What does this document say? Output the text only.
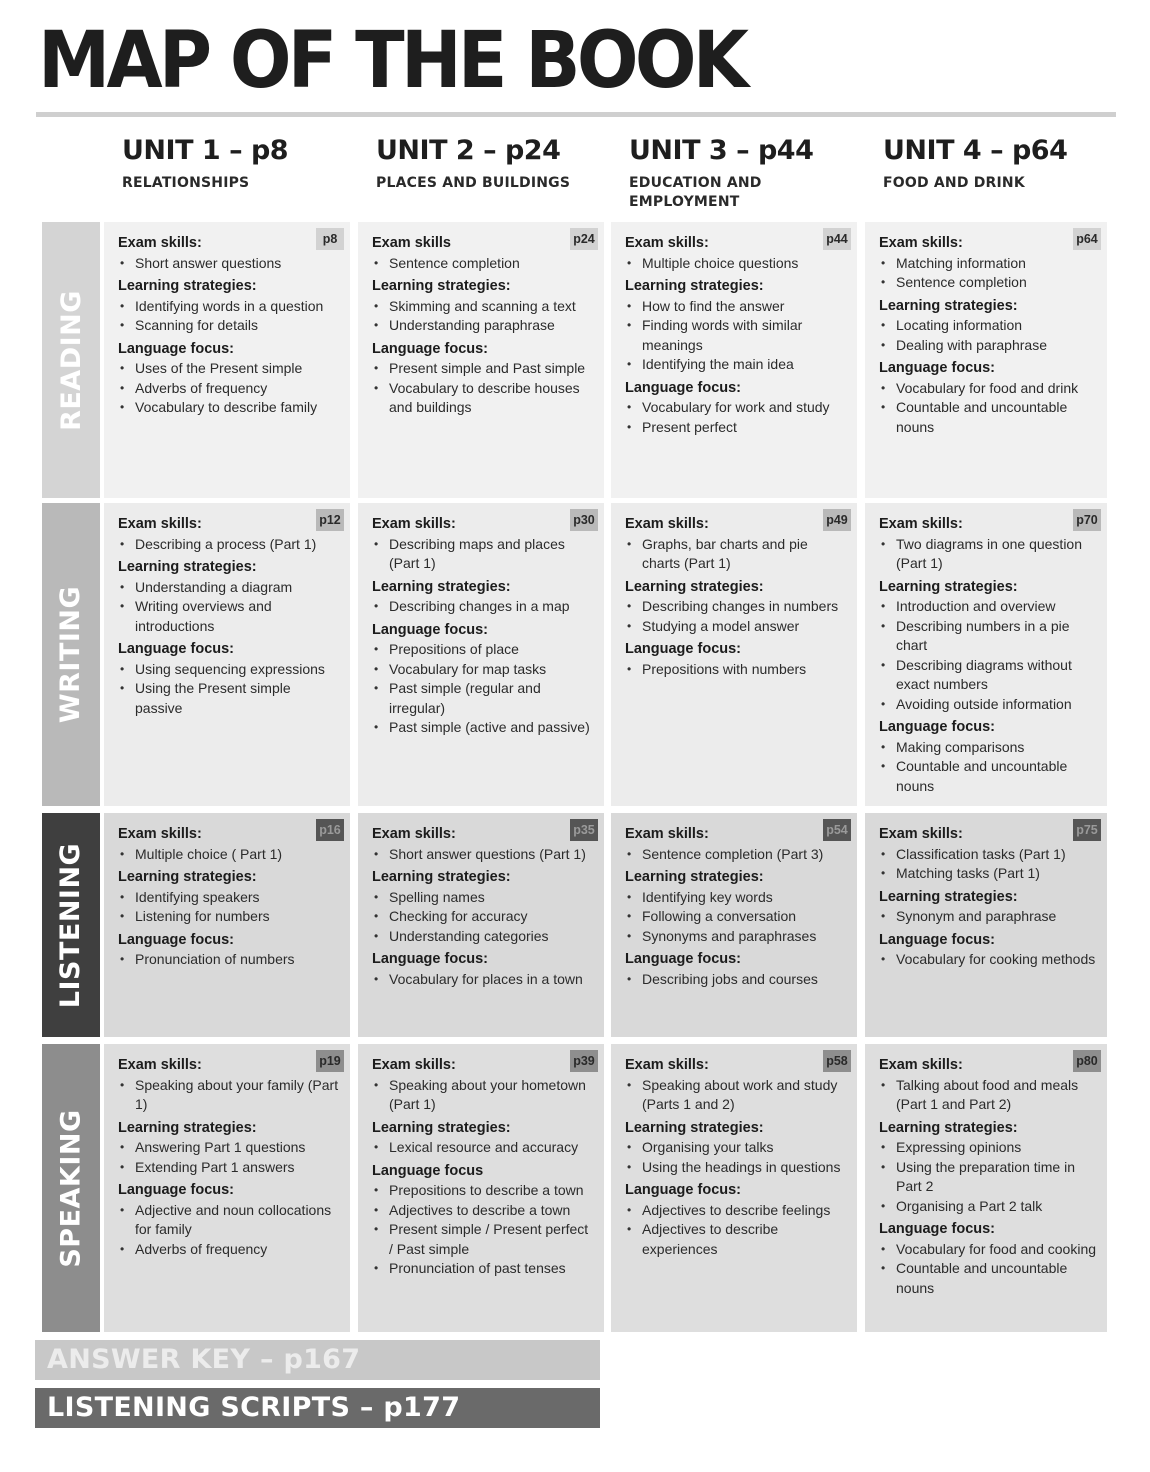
MAP OF THE BOOK
UNIT 1 – p8
RELATIONSHIPS
UNIT 2 – p24
PLACES AND BUILDINGS
UNIT 3 – p44
EDUCATION AND EMPLOYMENT
UNIT 4 – p64
FOOD AND DRINK
READING
p8
Exam skills:
• Short answer questions
Learning strategies:
• Identifying words in a question
• Scanning for details
Language focus:
• Uses of the Present simple
• Adverbs of frequency
• Vocabulary to describe family
p24
Exam skills
• Sentence completion
Learning strategies:
• Skimming and scanning a text
• Understanding paraphrase
Language focus:
• Present simple and Past simple
• Vocabulary to describe houses and buildings
p44
Exam skills:
• Multiple choice questions
Learning strategies:
• How to find the answer
• Finding words with similar meanings
• Identifying the main idea
Language focus:
• Vocabulary for work and study
• Present perfect
p64
Exam skills:
• Matching information
• Sentence completion
Learning strategies:
• Locating information
• Dealing with paraphrase
Language focus:
• Vocabulary for food and drink
• Countable and uncountable nouns
WRITING
p12
Exam skills:
• Describing a process (Part 1)
Learning strategies:
• Understanding a diagram
• Writing overviews and introductions
Language focus:
• Using sequencing expressions
• Using the Present simple passive
p30
Exam skills:
• Describing maps and places (Part 1)
Learning strategies:
• Describing changes in a map
Language focus:
• Prepositions of place
• Vocabulary for map tasks
• Past simple (regular and irregular)
• Past simple (active and passive)
p49
Exam skills:
• Graphs, bar charts and pie charts (Part 1)
Learning strategies:
• Describing changes in numbers
• Studying a model answer
Language focus:
• Prepositions with numbers
p70
Exam skills:
• Two diagrams in one question (Part 1)
Learning strategies:
• Introduction and overview
• Describing numbers in a pie chart
• Describing diagrams without exact numbers
• Avoiding outside information
Language focus:
• Making comparisons
• Countable and uncountable nouns
LISTENING
p16
Exam skills:
• Multiple choice ( Part 1)
Learning strategies:
• Identifying speakers
• Listening for numbers
Language focus:
• Pronunciation of numbers
p35
Exam skills:
• Short answer questions (Part 1)
Learning strategies:
• Spelling names
• Checking for accuracy
• Understanding categories
Language focus:
• Vocabulary for places in a town
p54
Exam skills:
• Sentence completion (Part 3)
Learning strategies:
• Identifying key words
• Following a conversation
• Synonyms and paraphrases
Language focus:
• Describing jobs and courses
p75
Exam skills:
• Classification tasks (Part 1)
• Matching tasks (Part 1)
Learning strategies:
• Synonym and paraphrase
Language focus:
• Vocabulary for cooking methods
SPEAKING
p19
Exam skills:
• Speaking about your family (Part 1)
Learning strategies:
• Answering Part 1 questions
• Extending Part 1 answers
Language focus:
• Adjective and noun collocations for family
• Adverbs of frequency
p39
Exam skills:
• Speaking about your hometown (Part 1)
Learning strategies:
• Lexical resource and accuracy
Language focus
• Prepositions to describe a town
• Adjectives to describe a town
• Present simple / Present perfect / Past simple
• Pronunciation of past tenses
p58
Exam skills:
• Speaking about work and study (Parts 1 and 2)
Learning strategies:
• Organising your talks
• Using the headings in questions
Language focus:
• Adjectives to describe feelings
• Adjectives to describe experiences
p80
Exam skills:
• Talking about food and meals (Part 1 and Part 2)
Learning strategies:
• Expressing opinions
• Using the preparation time in Part 2
• Organising a Part 2 talk
Language focus:
• Vocabulary for food and cooking
• Countable and uncountable nouns
ANSWER KEY – p167
LISTENING SCRIPTS – p177
